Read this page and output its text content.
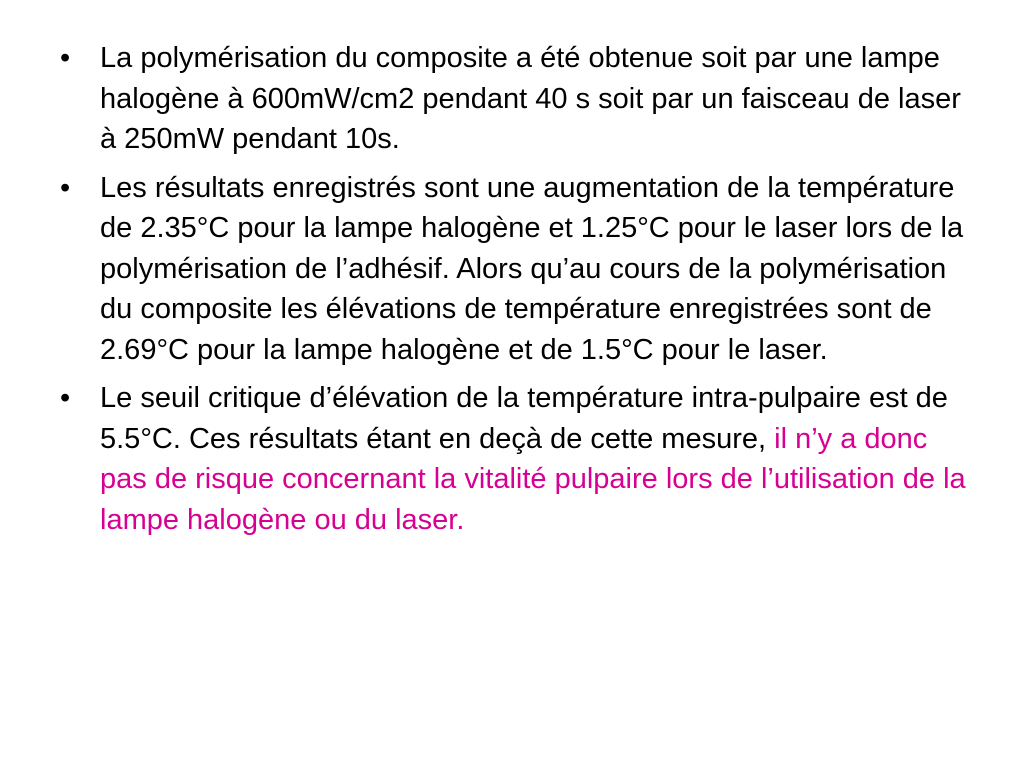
• La polymérisation du composite a été obtenue soit par une lampe halogène à 600mW/cm2 pendant 40 s soit par un faisceau de laser à 250mW pendant 10s.
• Les résultats enregistrés sont une augmentation de la température de 2.35°C pour la lampe halogène et 1.25°C pour le laser lors de la polymérisation de l’adhésif. Alors qu’au cours de la polymérisation du composite les élévations de température enregistrées sont de 2.69°C pour la lampe halogène et de 1.5°C pour le laser.
• Le seuil critique d’élévation de la température intra-pulpaire est de 5.5°C. Ces résultats étant en deçà de cette mesure, il n’y a donc pas de risque concernant la vitalité pulpaire lors de l’utilisation de la lampe halogène ou du laser.
